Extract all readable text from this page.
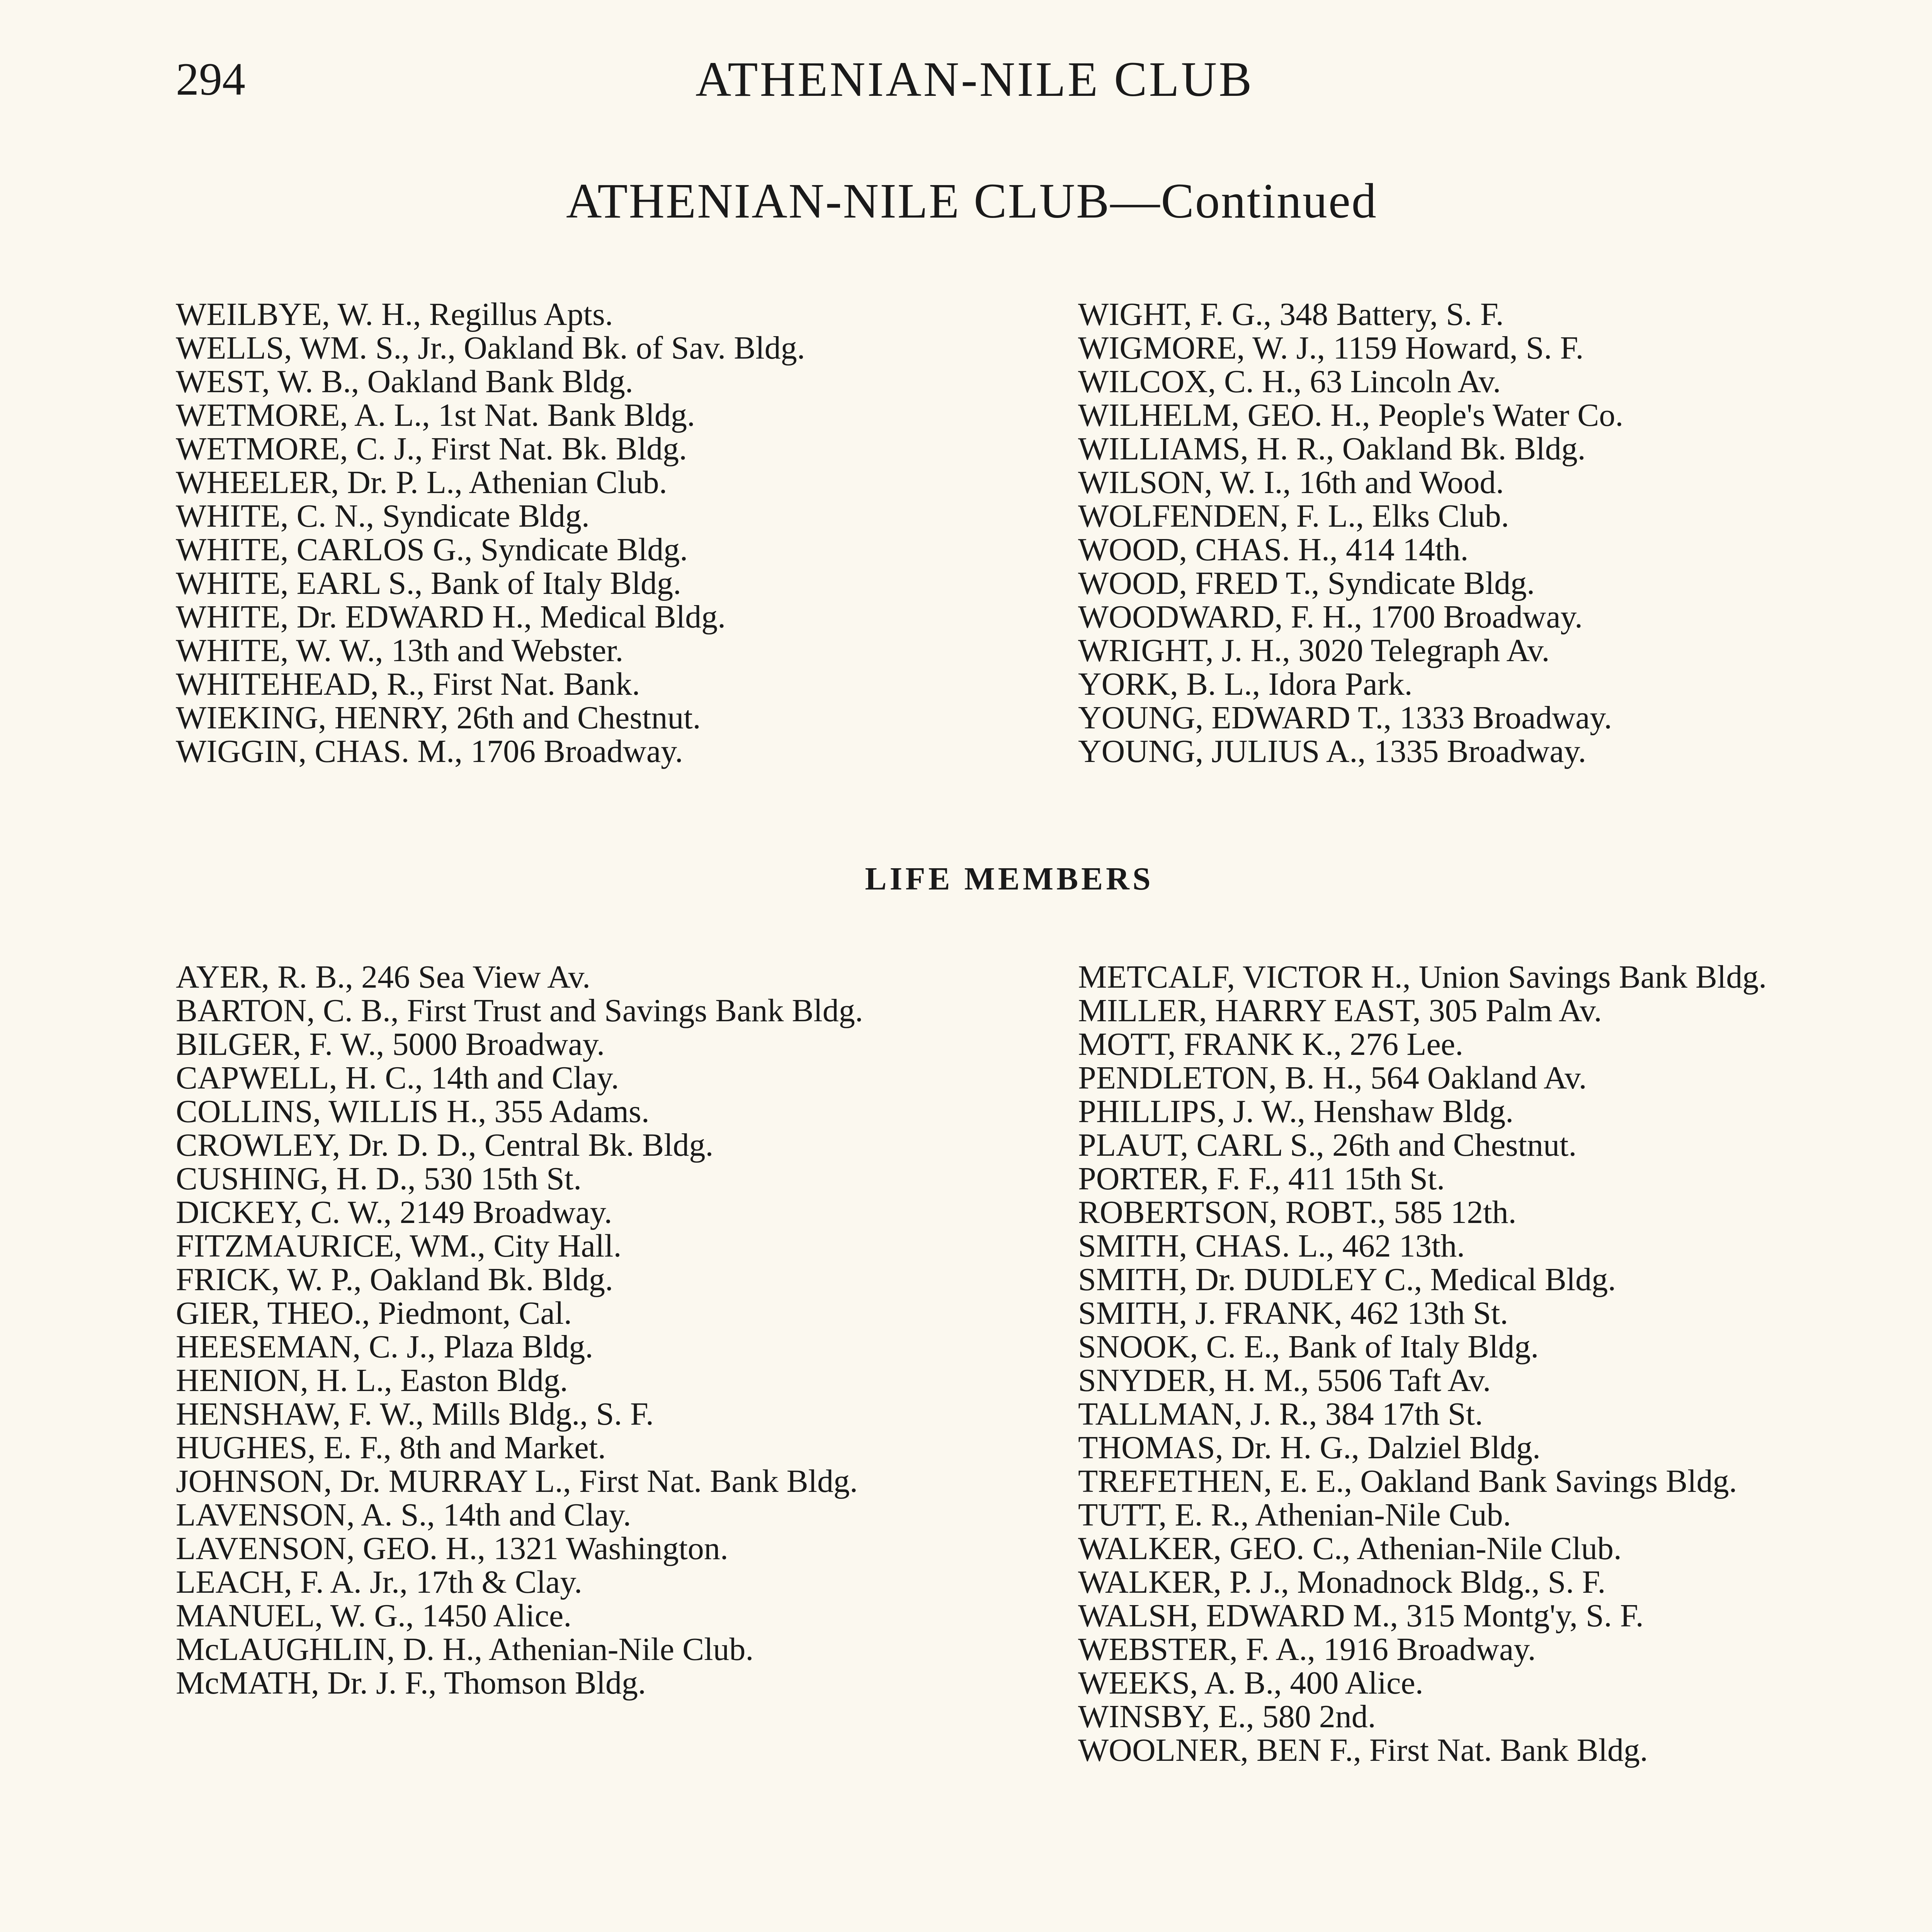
294	ATHENIAN-NILE CLUB
ATHENIAN-NILE CLUB—Continued
WEILBYE, W. H., Regillus Apts.
WELLS, WM. S., Jr., Oakland Bk. of Sav. Bldg.
WEST, W. B., Oakland Bank Bldg.
WETMORE, A. L., 1st Nat. Bank Bldg.
WETMORE, C. J., First Nat. Bk. Bldg.
WHEELER, Dr. P. L., Athenian Club.
WHITE, C. N., Syndicate Bldg.
WHITE, CARLOS G., Syndicate Bldg.
WHITE, EARL S., Bank of Italy Bldg.
WHITE, Dr. EDWARD H., Medical Bldg.
WHITE, W. W., 13th and Webster.
WHITEHEAD, R., First Nat. Bank.
WIEKING, HENRY, 26th and Chestnut.
WIGGIN, CHAS. M., 1706 Broadway.
WIGHT, F. G., 348 Battery, S. F.
WIGMORE, W. J., 1159 Howard, S. F.
WILCOX, C. H., 63 Lincoln Av.
WILHELM, GEO. H., People's Water Co.
WILLIAMS, H. R., Oakland Bk. Bldg.
WILSON, W. I., 16th and Wood.
WOLFENDEN, F. L., Elks Club.
WOOD, CHAS. H., 414 14th.
WOOD, FRED T., Syndicate Bldg.
WOODWARD, F. H., 1700 Broadway.
WRIGHT, J. H., 3020 Telegraph Av.
YORK, B. L., Idora Park.
YOUNG, EDWARD T., 1333 Broadway.
YOUNG, JULIUS A., 1335 Broadway.
LIFE MEMBERS
AYER, R. B., 246 Sea View Av.
BARTON, C. B., First Trust and Savings Bank Bldg.
BILGER, F. W., 5000 Broadway.
CAPWELL, H. C., 14th and Clay.
COLLINS, WILLIS H., 355 Adams.
CROWLEY, Dr. D. D., Central Bk. Bldg.
CUSHING, H. D., 530 15th St.
DICKEY, C. W., 2149 Broadway.
FITZMAURICE, WM., City Hall.
FRICK, W. P., Oakland Bk. Bldg.
GIER, THEO., Piedmont, Cal.
HEESEMAN, C. J., Plaza Bldg.
HENION, H. L., Easton Bldg.
HENSHAW, F. W., Mills Bldg., S. F.
HUGHES, E. F., 8th and Market.
JOHNSON, Dr. MURRAY L., First Nat. Bank Bldg.
LAVENSON, A. S., 14th and Clay.
LAVENSON, GEO. H., 1321 Washington.
LEACH, F. A. Jr., 17th & Clay.
MANUEL, W. G., 1450 Alice.
McLAUGHLIN, D. H., Athenian-Nile Club.
McMATH, Dr. J. F., Thomson Bldg.
METCALF, VICTOR H., Union Savings Bank Bldg.
MILLER, HARRY EAST, 305 Palm Av.
MOTT, FRANK K., 276 Lee.
PENDLETON, B. H., 564 Oakland Av.
PHILLIPS, J. W., Henshaw Bldg.
PLAUT, CARL S., 26th and Chestnut.
PORTER, F. F., 411 15th St.
ROBERTSON, ROBT., 585 12th.
SMITH, CHAS. L., 462 13th.
SMITH, Dr. DUDLEY C., Medical Bldg.
SMITH, J. FRANK, 462 13th St.
SNOOK, C. E., Bank of Italy Bldg.
SNYDER, H. M., 5506 Taft Av.
TALLMAN, J. R., 384 17th St.
THOMAS, Dr. H. G., Dalziel Bldg.
TREFETHEN, E. E., Oakland Bank Savings Bldg.
TUTT, E. R., Athenian-Nile Cub.
WALKER, GEO. C., Athenian-Nile Club.
WALKER, P. J., Monadnock Bldg., S. F.
WALSH, EDWARD M., 315 Montg'y, S. F.
WEBSTER, F. A., 1916 Broadway.
WEEKS, A. B., 400 Alice.
WINSBY, E., 580 2nd.
WOOLNER, BEN F., First Nat. Bank Bldg.
